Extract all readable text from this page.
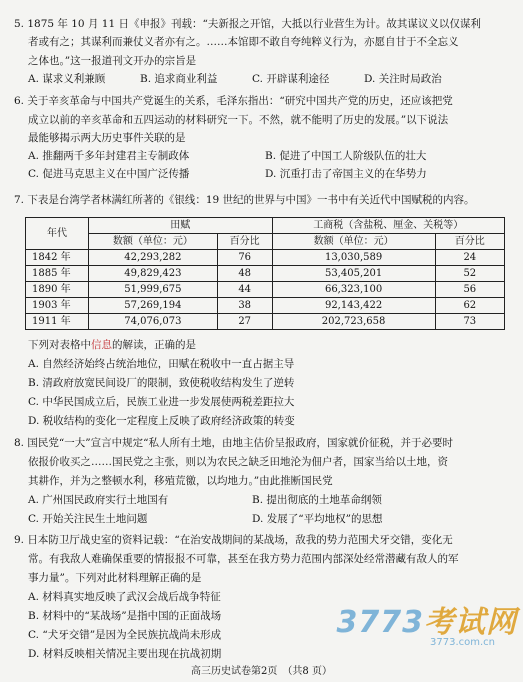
5. 1875 年 10 月 11 日《申报》刊载：“夫新报之开馆，大抵以行业营生为计。故其谋议义以仅谋利
者或有之；其谋利而兼仗义者亦有之。……本馆即不敢自夸纯粹义行为，亦愿自甘于不全忘义
之体也。”这一报道刊文开办的宗旨是
A. 谋求义利兼顾	B. 追求商业利益	C. 开辟谋利途径	D. 关注时局政治
6. 关于辛亥革命与中国共产党诞生的关系，毛泽东指出：“研究中国共产党的历史，还应该把党
成立以前的辛亥革命和五四运动的材料研究一下。不然，就不能明了历史的发展。”以下说法
最能够揭示两大历史事件关联的是
A. 推翻两千多年封建君主专制政体	B. 促进了中国工人阶级队伍的壮大
C. 促进马克思主义在中国广泛传播	D. 沉重打击了帝国主义的在华势力
7. 下表是台湾学者林满红所著的《银线：19 世纪的世界与中国》一书中有关近代中国赋税的内容。
年代	田赋		工商税（含盐税、厘金、关税等）	
	数额（单位：元）	百分比	数额（单位：元）	百分比
1842 年	42,293,282	76	13,030,589	24
1885 年	49,829,423	48	53,405,201	52
1890 年	51,999,675	44	66,323,100	56
1903 年	57,269,194	38	92,143,422	62
1911 年	74,076,073	27	202,723,658	73
下列对表格中信息的解读，正确的是
A. 自然经济始终占统治地位，田赋在税收中一直占据主导
B. 清政府放宽民间设厂的限制，致使税收结构发生了逆转
C. 中华民国成立后，民族工业进一步发展使两税差距拉大
D. 税收结构的变化一定程度上反映了政府经济政策的转变
8. 国民党“一大”宣言中规定“私人所有土地，由地主估价呈报政府，国家就价征税，并于必要时
依报价收买之……国民党之主张，则以为农民之缺乏田地沦为佃户者，国家当给以土地，资
其耕作，并为之整顿水利，移殖荒徼，以均地力。”由此推断国民党
A. 广州国民政府实行土地国有	B. 提出彻底的土地革命纲领
C. 开始关注民生土地问题	D. 发展了“平均地权”的思想
9. 日本防卫厅战史室的资料记载：“在治安战期间的某战场，敌我的势力范围犬牙交错，变化无
常。有我敌人难确保重要的情报报不可靠，甚至在我方势力范围内部深处经常潜藏有敌人的军
事力量”。下列对此材料理解正确的是
A. 材料真实地反映了武汉会战后战争特征
B. 材料中的“某战场”是指中国的正面战场
C. “犬牙交错”是因为全民族抗战尚未形成
D. 材料反映相关情况主要出现在抗战初期
3773考试网
3773.com.cn
高三历史试卷第2页　（共8 页）
